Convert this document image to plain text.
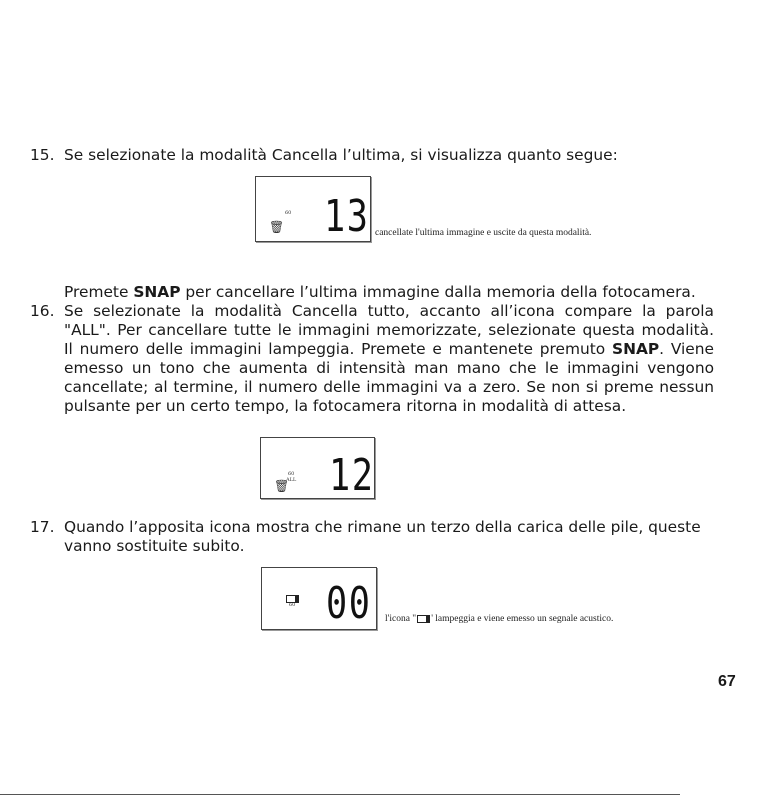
15. Se selezionate la modalità Cancella l’ultima, si visualizza quanto segue:
🗑
60 13 cancellate l'ultima immagine e uscite da questa modalità.
Premete SNAP per cancellare l’ultima immagine dalla memoria della fotocamera.
16. Se selezionate la modalità Cancella tutto, accanto all’icona compare la parola
"ALL". Per cancellare tutte le immagini memorizzate, selezionate questa modalità.
Il numero delle immagini lampeggia. Premete e mantenete premuto SNAP. Viene
emesso un tono che aumenta di intensità man mano che le immagini vengono
cancellate; al termine, il numero delle immagini va a zero. Se non si preme nessun
pulsante per un certo tempo, la fotocamera ritorna in modalità di attesa.
🗑
60
ALL 12
17. Quando l’apposita icona mostra che rimane un terzo della carica delle pile, queste
vanno sostituite subito.
60 00 l'icona " ' lampeggia e viene emesso un segnale acustico.
67
